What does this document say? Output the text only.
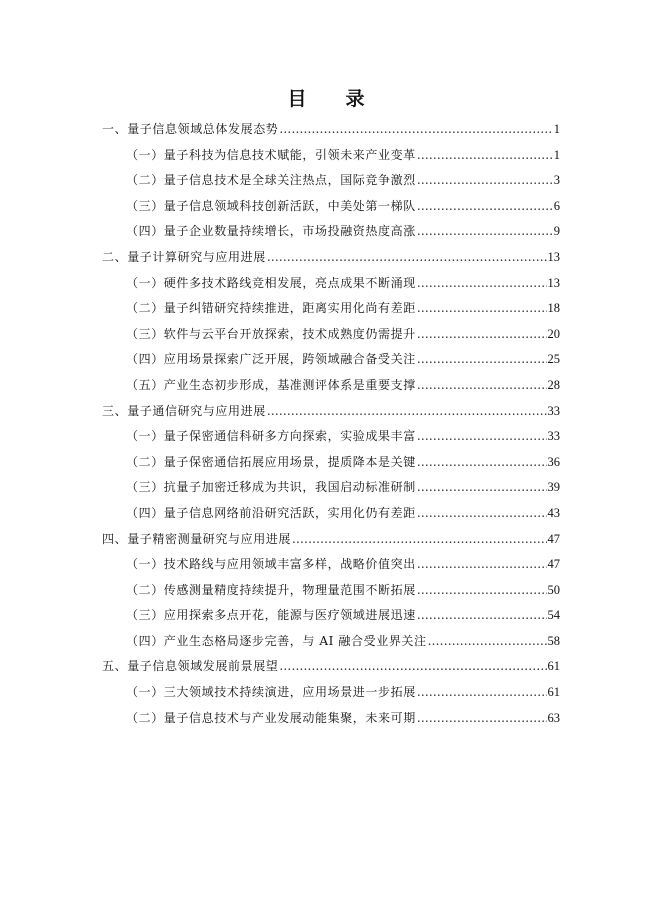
目　录
一、量子信息领域总体发展态势 .....	1
（一）量子科技为信息技术赋能，引领未来产业变革 .....	1
（二）量子信息技术是全球关注热点，国际竞争激烈 .....	3
（三）量子信息领域科技创新活跃，中美处第一梯队 .....	6
（四）量子企业数量持续增长，市场投融资热度高涨 .....	9
二、量子计算研究与应用进展 .....	13
（一）硬件多技术路线竞相发展，亮点成果不断涌现 .....	13
（二）量子纠错研究持续推进，距离实用化尚有差距 .....	18
（三）软件与云平台开放探索，技术成熟度仍需提升 .....	20
（四）应用场景探索广泛开展，跨领域融合备受关注 .....	25
（五）产业生态初步形成，基准测评体系是重要支撑 .....	28
三、量子通信研究与应用进展 .....	33
（一）量子保密通信科研多方向探索，实验成果丰富 .....	33
（二）量子保密通信拓展应用场景，提质降本是关键 .....	36
（三）抗量子加密迁移成为共识，我国启动标准研制 .....	39
（四）量子信息网络前沿研究活跃，实用化仍有差距 .....	43
四、量子精密测量研究与应用进展 .....	47
（一）技术路线与应用领域丰富多样，战略价值突出 .....	47
（二）传感测量精度持续提升，物理量范围不断拓展 .....	50
（三）应用探索多点开花，能源与医疗领域进展迅速 .....	54
（四）产业生态格局逐步完善，与 AI 融合受业界关注 .....	58
五、量子信息领域发展前景展望 .....	61
（一）三大领域技术持续演进，应用场景进一步拓展 .....	61
（二）量子信息技术与产业发展动能集聚，未来可期 .....	63
